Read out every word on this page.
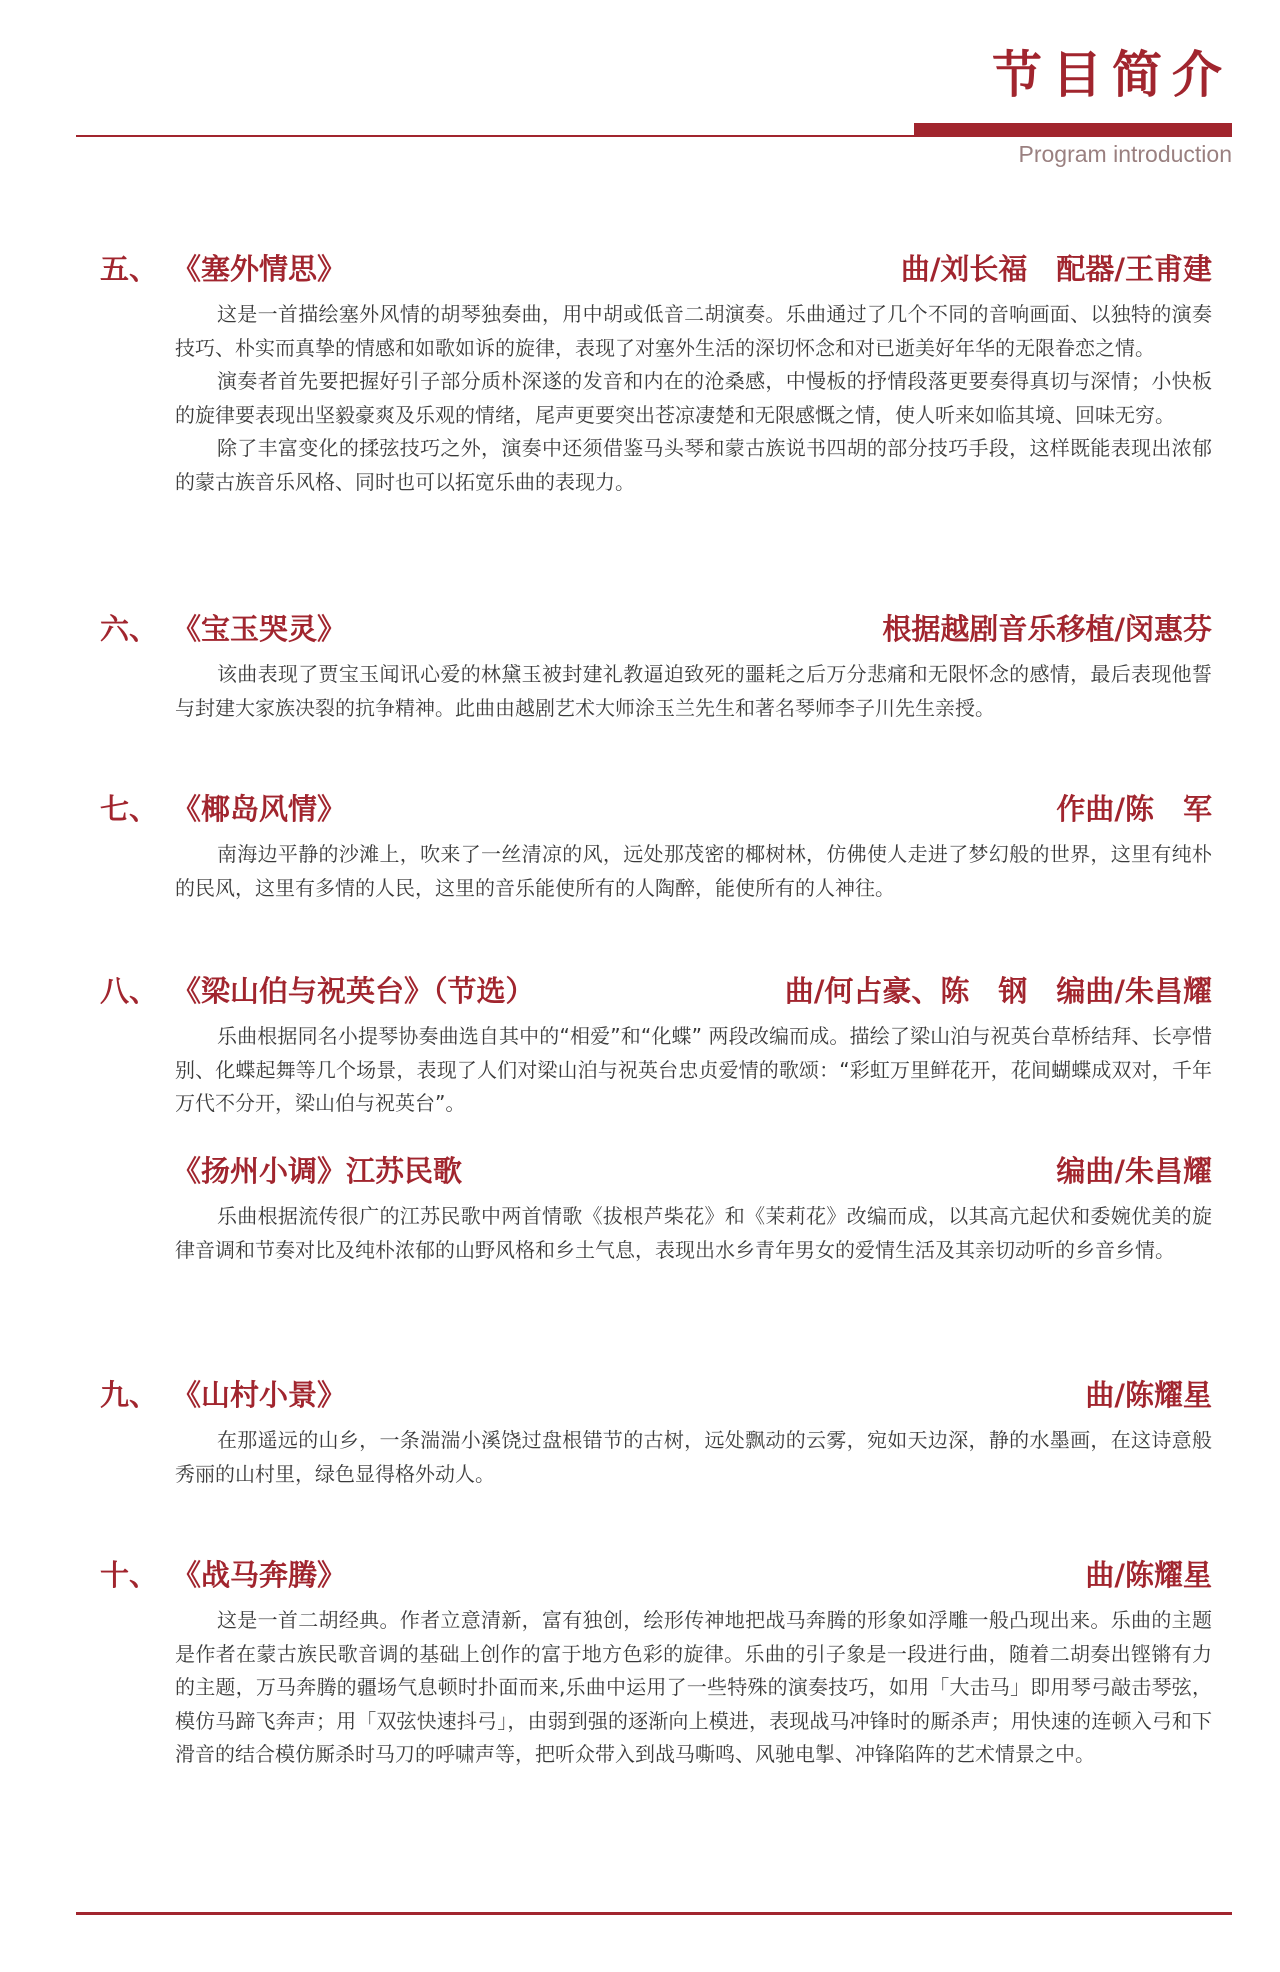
节目简介
Program introduction
五、 《塞外情思》	曲/刘长福　配器/王甫建

这是一首描绘塞外风情的胡琴独奏曲，用中胡或低音二胡演奏。乐曲通过了几个不同的音响画面、以独特的演奏技巧、朴实而真挚的情感和如歌如诉的旋律，表现了对塞外生活的深切怀念和对已逝美好年华的无限眷恋之情。

演奏者首先要把握好引子部分质朴深遂的发音和内在的沧桑感，中慢板的抒情段落更要奏得真切与深情；小快板的旋律要表现出坚毅豪爽及乐观的情绪，尾声更要突出苍凉凄楚和无限感慨之情，使人听来如临其境、回味无穷。

除了丰富变化的揉弦技巧之外，演奏中还须借鉴马头琴和蒙古族说书四胡的部分技巧手段，这样既能表现出浓郁的蒙古族音乐风格、同时也可以拓宽乐曲的表现力。

六、 《宝玉哭灵》	根据越剧音乐移植/闵惠芬

该曲表现了贾宝玉闻讯心爱的林黛玉被封建礼教逼迫致死的噩耗之后万分悲痛和无限怀念的感情，最后表现他誓与封建大家族决裂的抗争精神。此曲由越剧艺术大师涂玉兰先生和著名琴师李子川先生亲授。

七、 《椰岛风情》	作曲/陈　军

南海边平静的沙滩上，吹来了一丝清凉的风，远处那茂密的椰树林，仿佛使人走进了梦幻般的世界，这里有纯朴的民风，这里有多情的人民，这里的音乐能使所有的人陶醉，能使所有的人神往。

八、 《梁山伯与祝英台》（节选）	曲/何占豪、陈　钢　编曲/朱昌耀

乐曲根据同名小提琴协奏曲选自其中的“相爱”和“化蝶” 两段改编而成。描绘了梁山泊与祝英台草桥结拜、长亭惜别、化蝶起舞等几个场景，表现了人们对梁山泊与祝英台忠贞爱情的歌颂：“彩虹万里鲜花开，花间蝴蝶成双对，千年万代不分开，梁山伯与祝英台”。

《扬州小调》江苏民歌	编曲/朱昌耀

乐曲根据流传很广的江苏民歌中两首情歌《拔根芦柴花》和《茉莉花》改编而成，以其高亢起伏和委婉优美的旋律音调和节奏对比及纯朴浓郁的山野风格和乡土气息，表现出水乡青年男女的爱情生活及其亲切动听的乡音乡情。

九、 《山村小景》	曲/陈耀星

在那遥远的山乡，一条湍湍小溪饶过盘根错节的古树，远处飘动的云雾，宛如天边深，静的水墨画，在这诗意般秀丽的山村里，绿色显得格外动人。

十、 《战马奔腾》	曲/陈耀星

这是一首二胡经典。作者立意清新，富有独创，绘形传神地把战马奔腾的形象如浮雕一般凸现出来。乐曲的主题是作者在蒙古族民歌音调的基础上创作的富于地方色彩的旋律。乐曲的引子象是一段进行曲，随着二胡奏出铿锵有力的主题，万马奔腾的疆场气息顿时扑面而来,乐曲中运用了一些特殊的演奏技巧，如用「大击马」即用琴弓敲击琴弦，模仿马蹄飞奔声；用「双弦快速抖弓」，由弱到强的逐渐向上模进，表现战马冲锋时的厮杀声；用快速的连顿入弓和下滑音的结合模仿厮杀时马刀的呼啸声等，把听众带入到战马嘶鸣、风驰电掣、冲锋陷阵的艺术情景之中。
